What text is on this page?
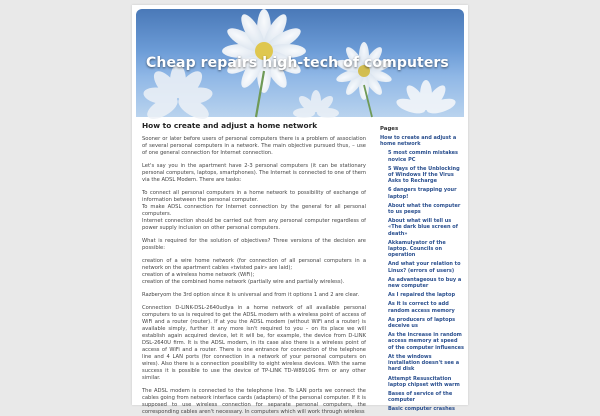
Cheap repairs high-tech of computers
How to create and adjust a home network

Sooner or later before users of personal computers there is a problem of association of several personal computers in a network. The main objective pursued thus, – use of one general connection for Internet connection.

Let's say you in the apartment have 2-3 personal computers (it can be stationary personal computers, laptops, smartphones). The Internet is connected to one of them via the ADSL Modem. There are tasks:

To connect all personal computers in a home network to possibility of exchange of information between the personal computer.
To make ADSL connection for Internet connection by the general for all personal computers.
Internet connection should be carried out from any personal computer regardless of power supply inclusion on other personal computers.

What is required for the solution of objectives? Three versions of the decision are possible:

creation of a wire home network (for connection of all personal computers in a network on the apartment cables «twisted pair» are laid);
creation of a wireless home network (WiFi);
creation of the combined home network (partially wire and partially wireless).

Razberyom the 3rd option since it is universal and from it options 1 and 2 are clear.

Connection D-LINK-DSL-2640udlya in a home network of all available personal computers to us is required to get the ADSL modem with a wireless point of access of WiFi and a router (router). If at you the ADSL modem (without WiFi and a router) is available simply, further it any more isn't required to you – on its place we will establish again acquired device, let it will be, for example, the device from D-LINK DSL-2640U firm. It is the ADSL modem, in its case also there is a wireless point of access of WiFi and a router. There is one entrance for connection of the telephone line and 4 LAN ports (for connection in a network of your personal computers on wires). Also there is a connection possibility to eight wireless devices. With the same success it is possible to use the device of TP-LINK TD-W8910G firm or any other similar.

The ADSL modem is connected to the telephone line. To LAN ports we connect the cables going from network interface cards (adapters) of the personal computer. If it is supposed to use wireless connection for separate personal computers, the corresponding cables aren't necessary. In computers which will work through wireless

Pages
How to create and adjust a home network
5 most commin mistakes novice PC
5 Ways of the Unblocking of Windows If the Virus Asks to Recharge
6 dangers trapping your laptop!
About what the computer to us peeps
About what will tell us «The dark blue screen of death»
Akkamulyator of the laptop. Councils on operation
And what your relation to Linux? (errors of users)
As advantageous to buy a new computer
As I repaired the laptop
As it is correct to add random access memory
As producers of laptops deceive us
As the increase in random access memory at speed of the computer influences
At the windows installation doesn't see a hard disk
Attempt Resuscitation laptop chipset with warm
Bases of service of the computer
Basic computer crashes
